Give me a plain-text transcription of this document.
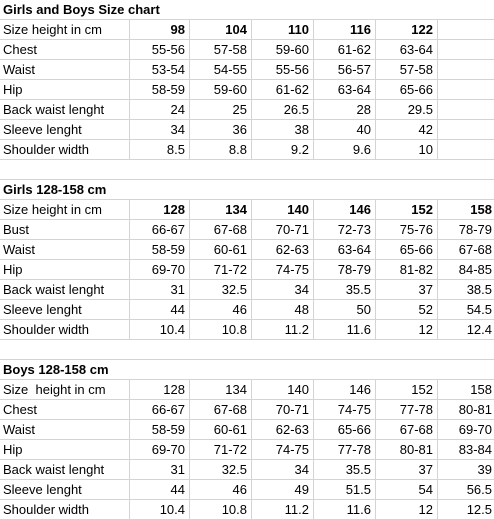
Girls and Boys Size chart
Size height in cm	98	104	110	116	122
Chest	55-56	57-58	59-60	61-62	63-64
Waist	53-54	54-55	55-56	56-57	57-58
Hip	58-59	59-60	61-62	63-64	65-66
Back waist lenght	24	25	26.5	28	29.5
Sleeve lenght	34	36	38	40	42
Shoulder width	8.5	8.8	9.2	9.6	10
Girls 128-158 cm
Size height in cm	128	134	140	146	152	158
Bust	66-67	67-68	70-71	72-73	75-76	78-79
Waist	58-59	60-61	62-63	63-64	65-66	67-68
Hip	69-70	71-72	74-75	78-79	81-82	84-85
Back waist lenght	31	32.5	34	35.5	37	38.5
Sleeve lenght	44	46	48	50	52	54.5
Shoulder width	10.4	10.8	11.2	11.6	12	12.4
Boys 128-158 cm
Size  height in cm	128	134	140	146	152	158
Chest	66-67	67-68	70-71	74-75	77-78	80-81
Waist	58-59	60-61	62-63	65-66	67-68	69-70
Hip	69-70	71-72	74-75	77-78	80-81	83-84
Back waist lenght	31	32.5	34	35.5	37	39
Sleeve lenght	44	46	49	51.5	54	56.5
Shoulder width	10.4	10.8	11.2	11.6	12	12.5
